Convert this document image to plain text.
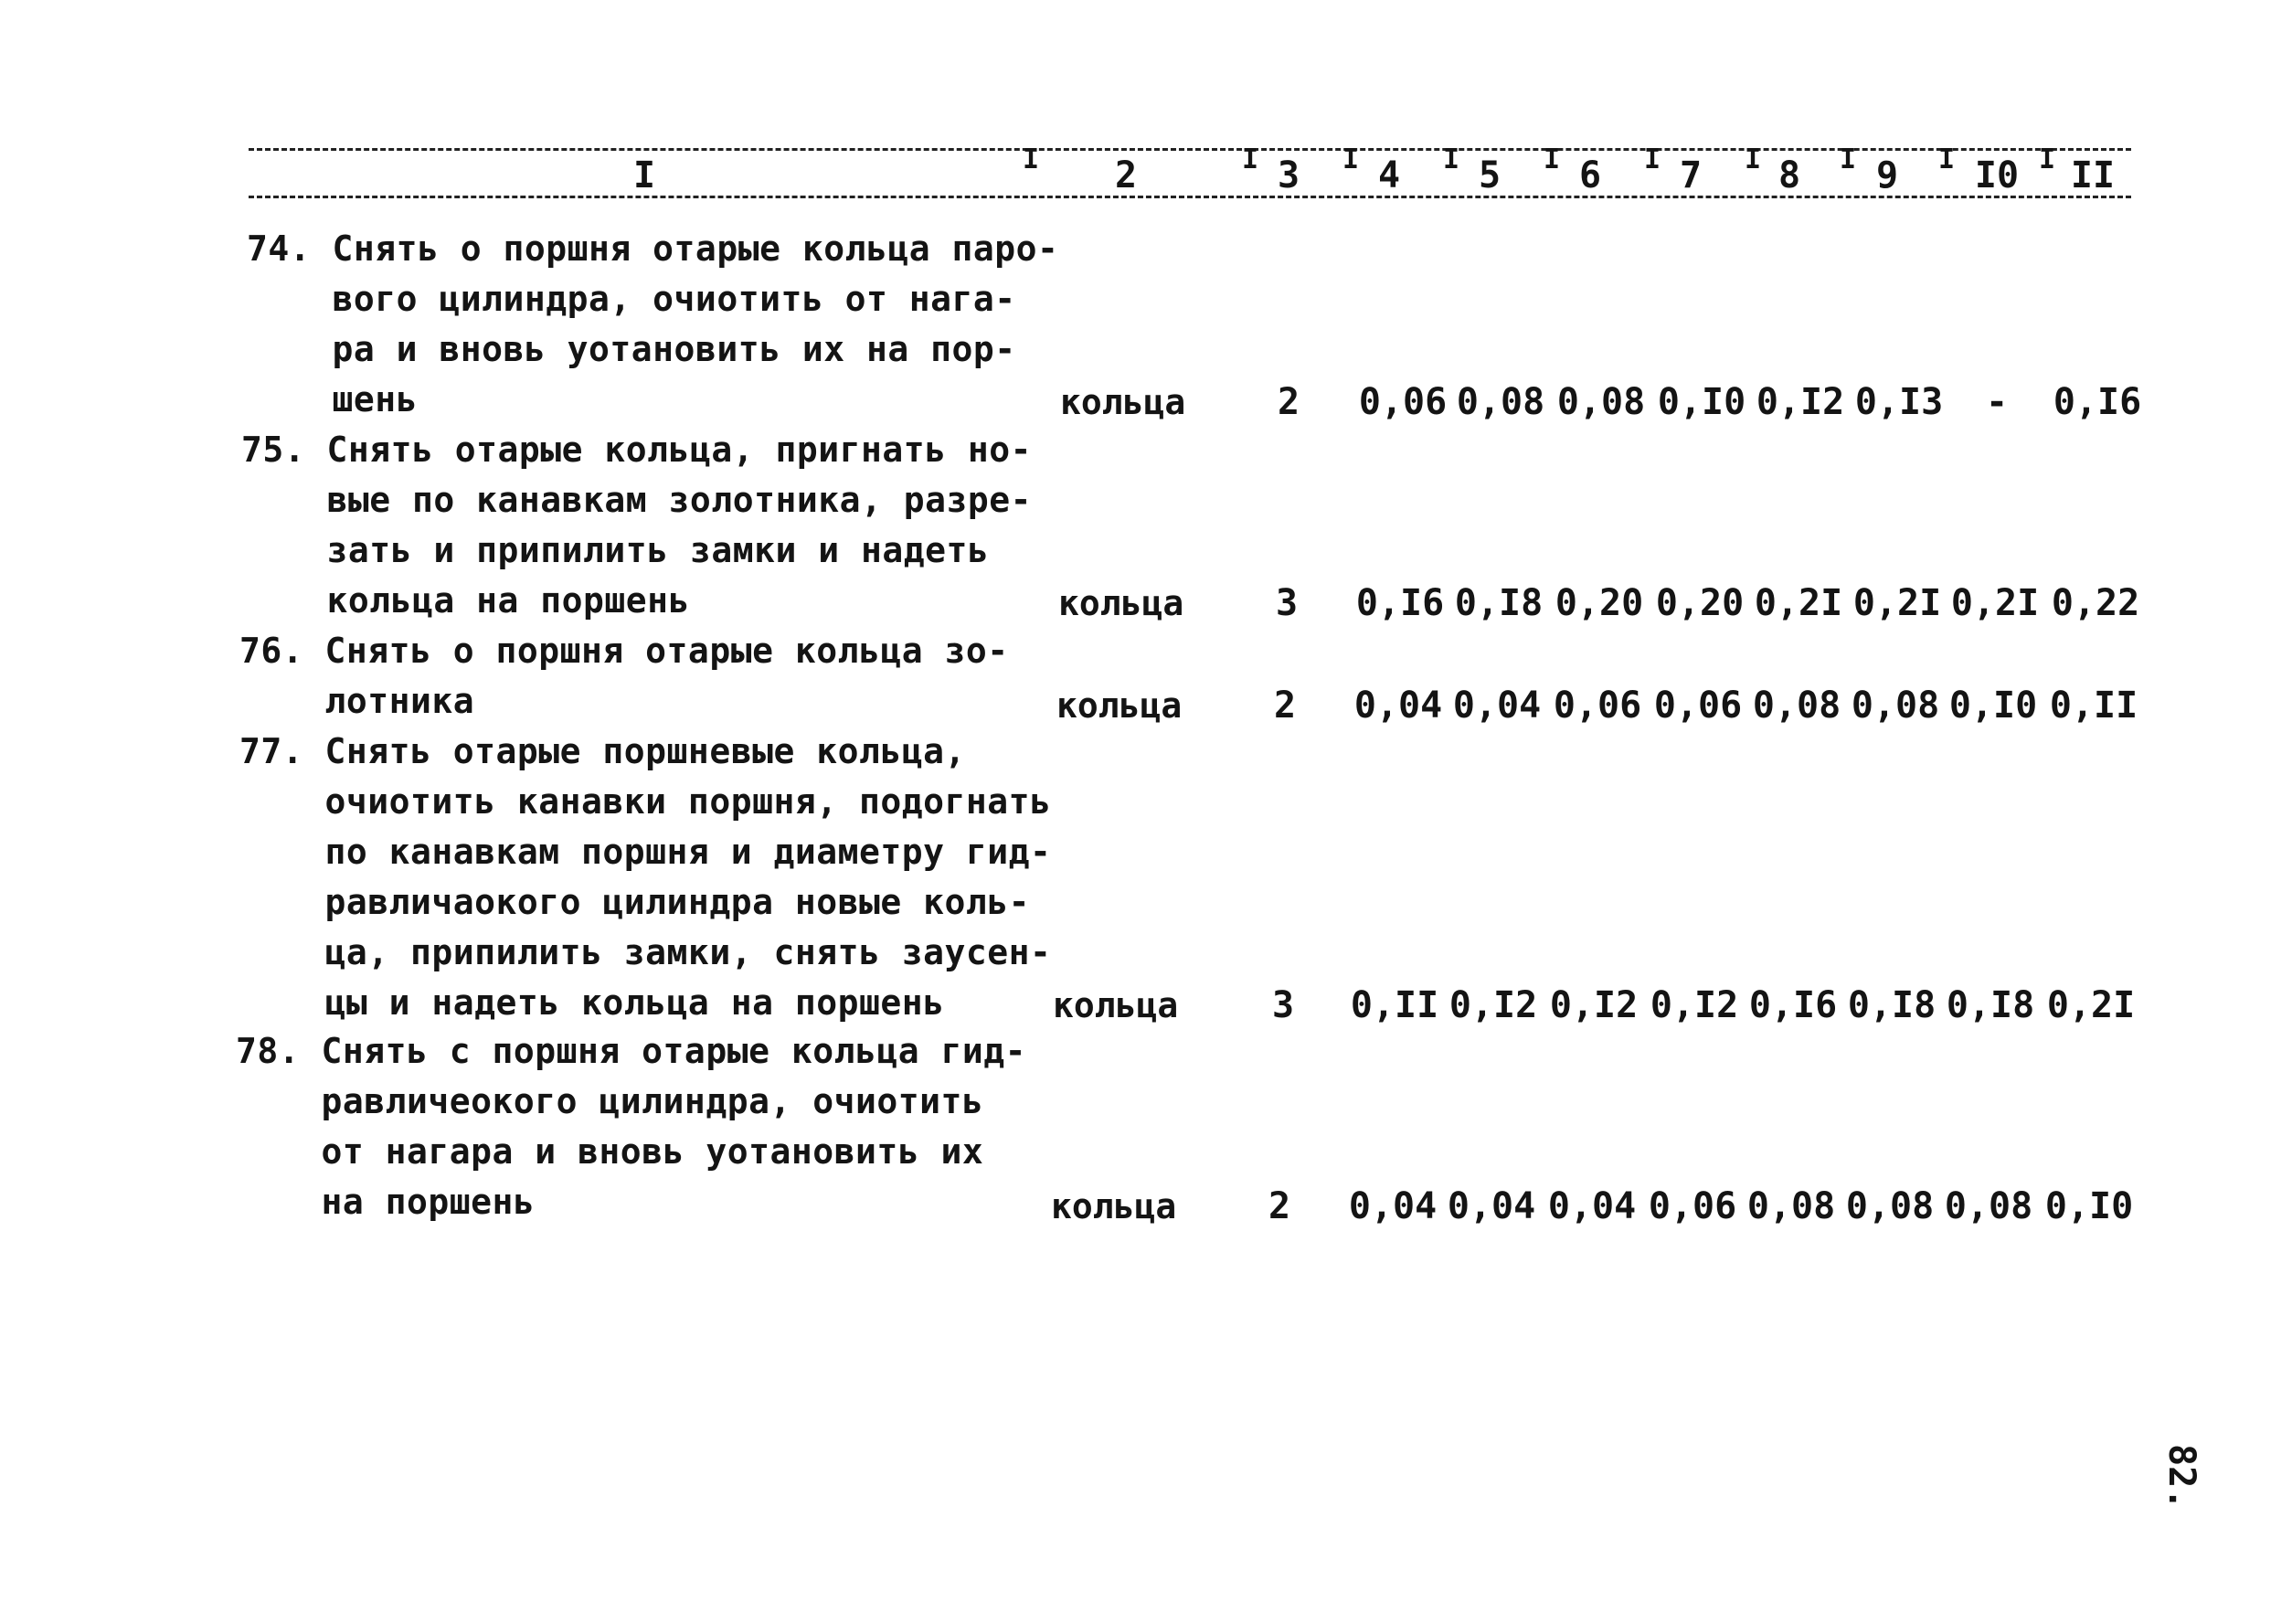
I	2	3 4 5 6 7 8 9 I0 II
I	I	I	I	I	I	I	I	I	I
74. Снять о поршня отарые кольца паро-
вого цилиндра, очиотить от нага-
ра и вновь уотановить их на пор-
шень	кольца	2 0,06 0,08 0,08 0,I0 0,I2 0,I3 - 0,I6
75. Снять отарые кольца, пригнать но-
вые по канавкам золотника, разре-
зать и припилить замки и надеть
кольца на поршень	кольца	3 0,I6 0,I8 0,20 0,20 0,2I 0,2I 0,2I 0,22
76. Снять о поршня отарые кольца зо-
лотника	кольца	2 0,04 0,04 0,06 0,06 0,08 0,08 0,I0 0,II
77. Снять отарые поршневые кольца,
очиотить канавки поршня, подогнать
по канавкам поршня и диаметру гид-
равличаокого цилиндра новые коль-
ца, припилить замки, снять заусен-
цы и надеть кольца на поршень	кольца	3 0,II 0,I2 0,I2 0,I2 0,I6 0,I8 0,I8 0,2I
78. Снять с поршня отарые кольца гид-
равличеокого цилиндра, очиотить
от нагара и вновь уотановить их
на поршень	кольца	2 0,04 0,04 0,04 0,06 0,08 0,08 0,08 0,I0
82.
